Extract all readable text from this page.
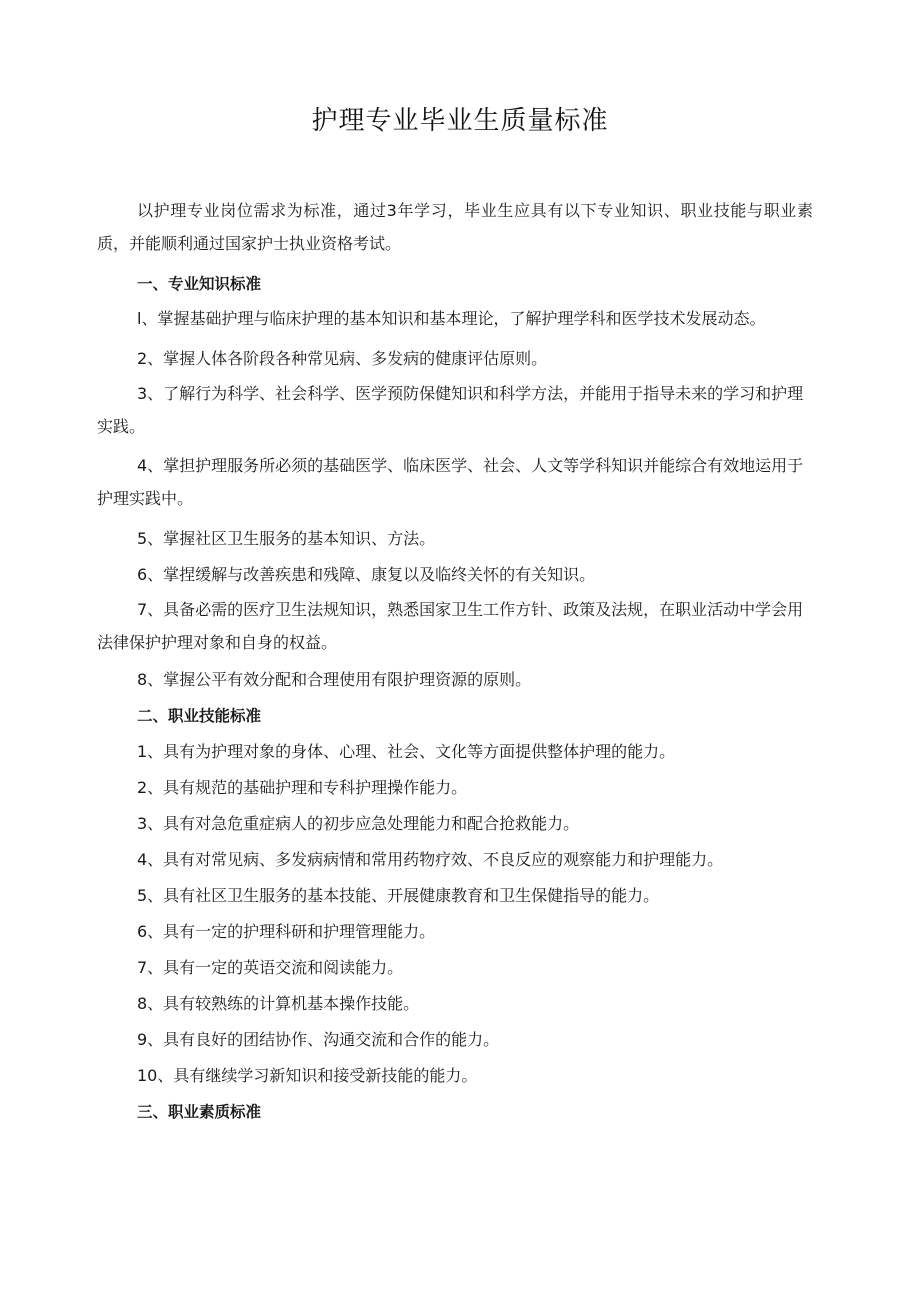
护理专业毕业生质量标准

以护理专业岗位需求为标准，通过3年学习，毕业生应具有以下专业知识、职业技能与职业素质，并能顺利通过国家护士执业资格考试。

一、专业知识标准

l、掌握基础护理与临床护理的基本知识和基本理论，了解护理学科和医学技术发展动态。

2、掌握人体各阶段各种常见病、多发病的健康评估原则。

3、了解行为科学、社会科学、医学预防保健知识和科学方法，并能用于指导未来的学习和护理实践。

4、掌担护理服务所必须的基础医学、临床医学、社会、人文等学科知识并能综合有效地运用于护理实践中。

5、掌握社区卫生服务的基本知识、方法。

6、掌捏缓解与改善疾患和残障、康复以及临终关怀的有关知识。

7、具备必需的医疗卫生法规知识，熟悉国家卫生工作方针、政策及法规，在职业活动中学会用法律保护护理对象和自身的权益。

8、掌握公平有效分配和合理使用有限护理资源的原则。

二、职业技能标准

1、具有为护理对象的身体、心理、社会、文化等方面提供整体护理的能力。

2、具有规范的基础护理和专科护理操作能力。

3、具有对急危重症病人的初步应急处理能力和配合抢救能力。

4、具有对常见病、多发病病情和常用药物疗效、不良反应的观察能力和护理能力。

5、具有社区卫生服务的基本技能、开展健康教育和卫生保健指导的能力。

6、具有一定的护理科研和护理管理能力。

7、具有一定的英语交流和阅读能力。

8、具有较熟练的计算机基本操作技能。

9、具有良好的团结协作、沟通交流和合作的能力。

10、具有继续学习新知识和接受新技能的能力。

三、职业素质标准
